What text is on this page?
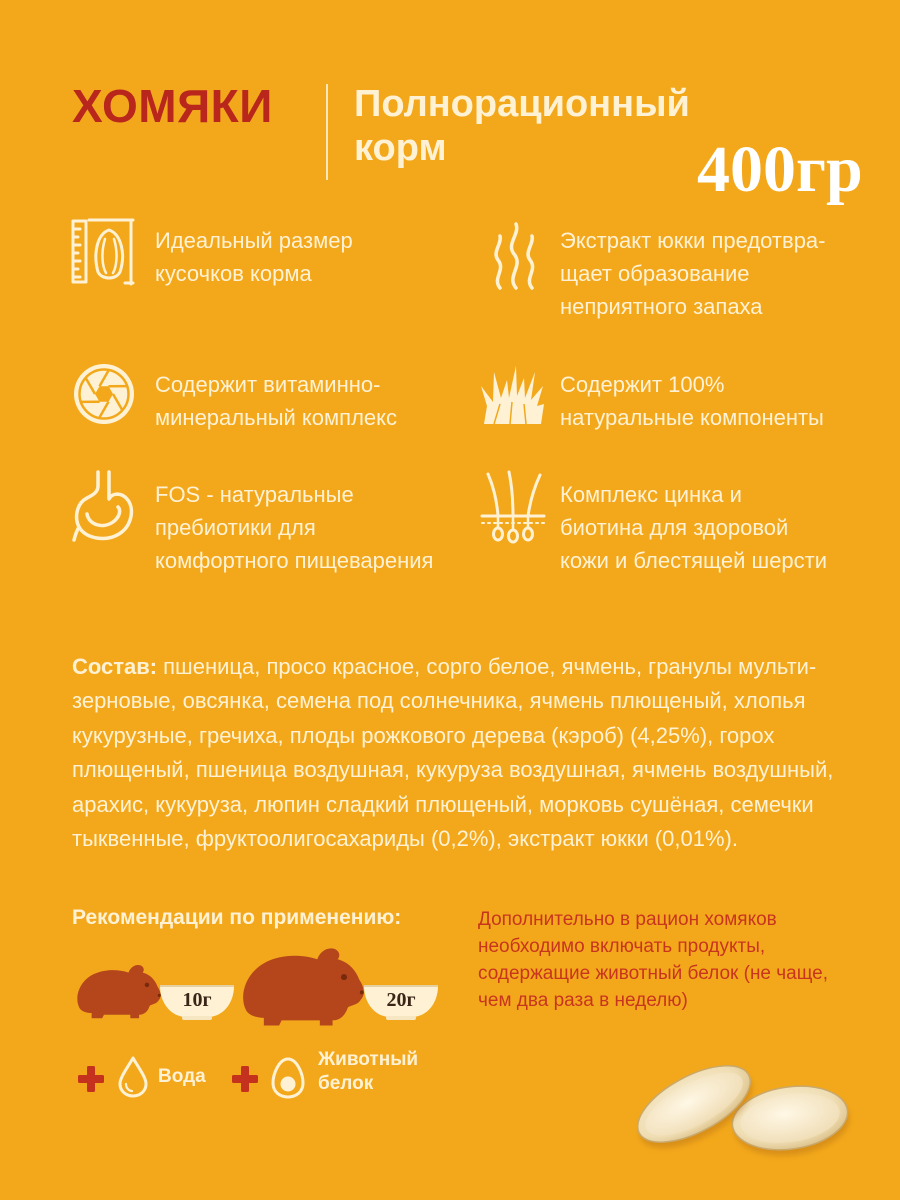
ХОМЯКИ Полнорационный
корм	400гр
Идеальный размер
кусочков корма
Экстракт юкки предотвра-
щает образование
неприятного запаха
Содержит витаминно-
минеральный комплекс
Содержит 100%
натуральные компоненты
FOS - натуральные
пребиотики для
комфортного пищеварения
Комплекс цинка и
биотина для здоровой
кожи и блестящей шерсти
Состав: пшеница, просо красное, сорго белое, ячмень, гранулы мульти-
зерновые, овсянка, семена под солнечника, ячмень плющеный, хлопья
кукурузные, гречиха, плоды рожкового дерева (кэроб) (4,25%), горох
плющеный, пшеница воздушная, кукуруза воздушная, ячмень воздушный,
арахис, кукуруза, люпин сладкий плющеный, морковь сушёная, семечки
тыквенные, фруктоолигосахариды (0,2%), экстракт юкки (0,01%).
Рекомендации по применению:	Дополнительно в рацион хомяков
необходимо включать продукты,
содержащие животный белок (не чаще,
чем два раза в неделю)
10г	20г
Вода
Животный
белок
